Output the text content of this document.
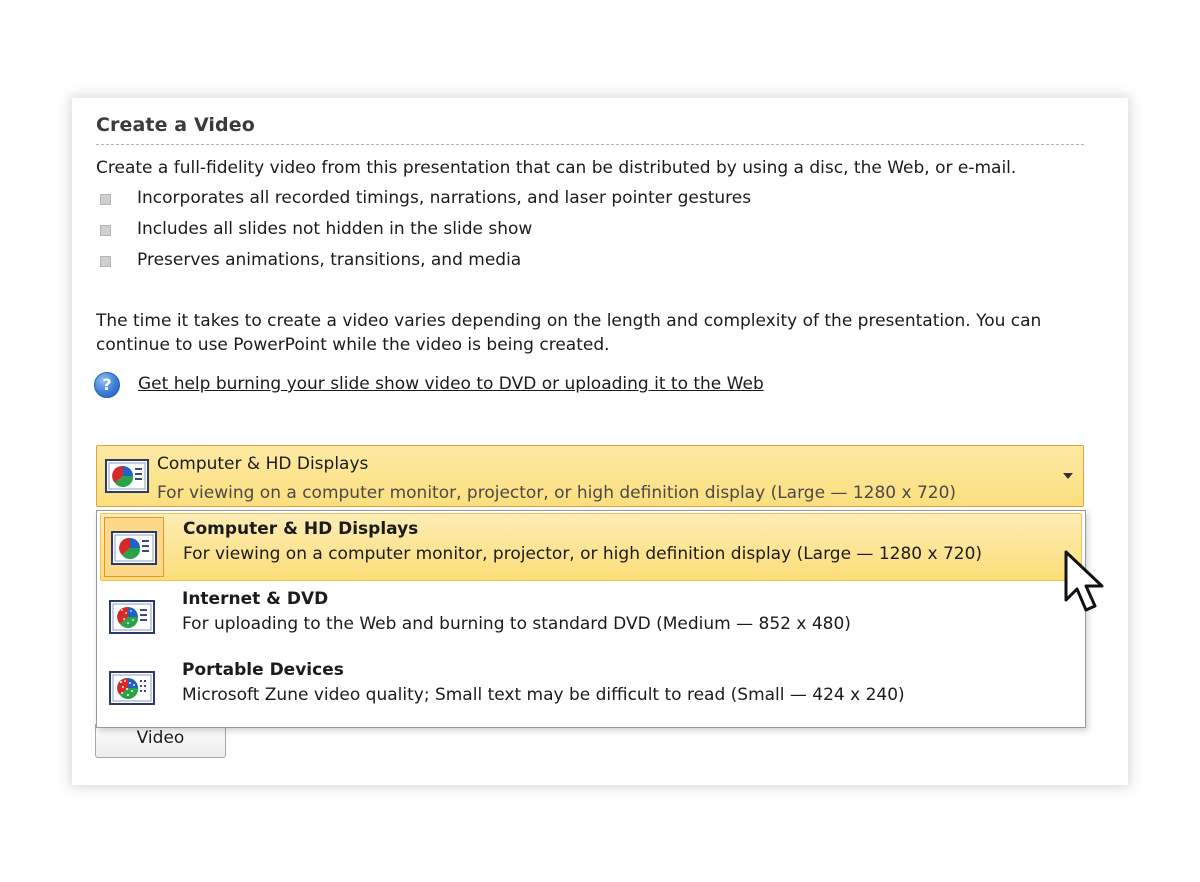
Create a Video
Create a full-fidelity video from this presentation that can be distributed by using a disc, the Web, or e-mail.
Incorporates all recorded timings, narrations, and laser pointer gestures
Includes all slides not hidden in the slide show
Preserves animations, transitions, and media
The time it takes to create a video varies depending on the length and complexity of the presentation. You can continue to use PowerPoint while the video is being created.
?	Get help burning your slide show video to DVD or uploading it to the Web
Computer & HD Displays
For viewing on a computer monitor, projector, or high definition display (Large — 1280 x 720)
Video
Computer & HD Displays
For viewing on a computer monitor, projector, or high definition display (Large — 1280 x 720)
Internet & DVD
For uploading to the Web and burning to standard DVD (Medium — 852 x 480)
Portable Devices
Microsoft Zune video quality; Small text may be difficult to read (Small — 424 x 240)
